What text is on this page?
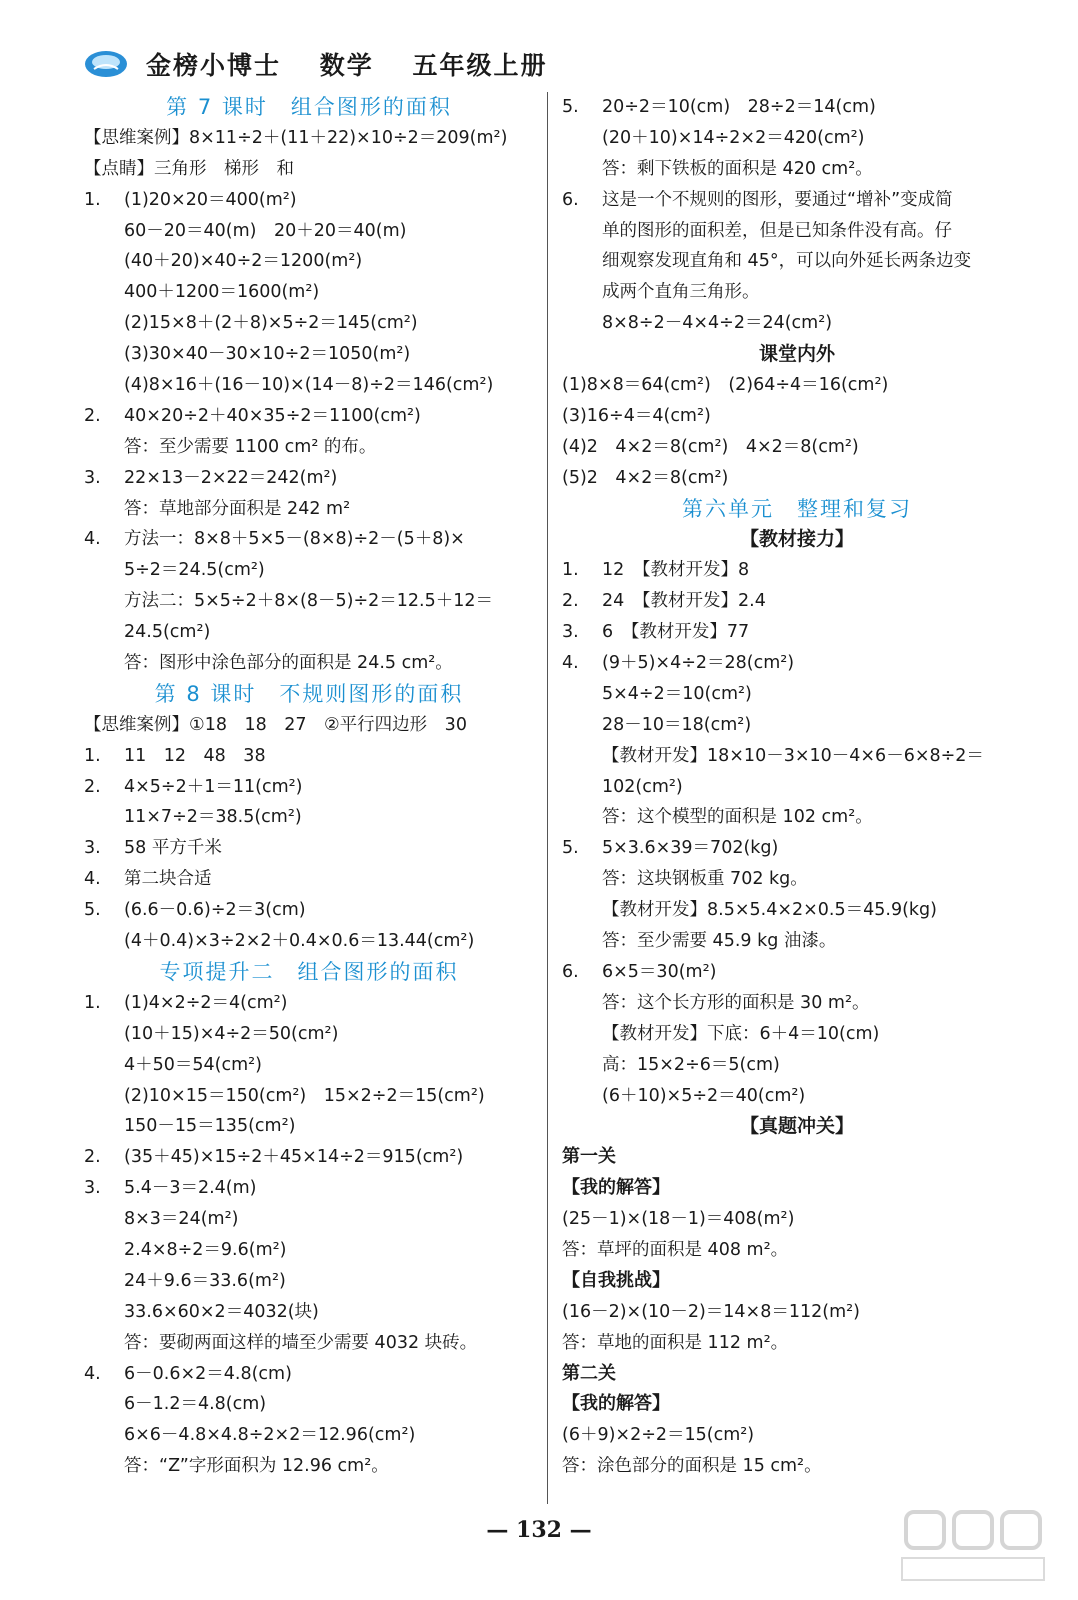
金榜小博士 数学 五年级上册
第 7 课时　组合图形的面积
【思维案例】8×11÷2＋(11＋22)×10÷2＝209(m²)
【点睛】三角形　梯形　和
1.	(1)20×20＝400(m²)
60－20＝40(m)　20＋20＝40(m)
(40＋20)×40÷2＝1200(m²)
400＋1200＝1600(m²)
(2)15×8＋(2＋8)×5÷2＝145(cm²)
(3)30×40－30×10÷2＝1050(m²)
(4)8×16＋(16－10)×(14－8)÷2＝146(cm²)
2.	40×20÷2＋40×35÷2＝1100(cm²)
答：至少需要 1100 cm² 的布。
3.	22×13－2×22＝242(m²)
答：草地部分面积是 242 m²
4.	方法一：8×8＋5×5－(8×8)÷2－(5＋8)×
5÷2＝24.5(cm²)
方法二：5×5÷2＋8×(8－5)÷2＝12.5＋12＝
24.5(cm²)
答：图形中涂色部分的面积是 24.5 cm²。
第 8 课时　不规则图形的面积
【思维案例】①18　18　27　②平行四边形　30
1.	11　12　48　38
2.	4×5÷2＋1＝11(cm²)
11×7÷2＝38.5(cm²)
3.	58 平方千米
4.	第二块合适
5.	(6.6－0.6)÷2＝3(cm)
(4＋0.4)×3÷2×2＋0.4×0.6＝13.44(cm²)
专项提升二　组合图形的面积
1.	(1)4×2÷2＝4(cm²)
(10＋15)×4÷2＝50(cm²)
4＋50＝54(cm²)
(2)10×15＝150(cm²)　15×2÷2＝15(cm²)
150－15＝135(cm²)
2.	(35＋45)×15÷2＋45×14÷2＝915(cm²)
3.	5.4－3＝2.4(m)
8×3＝24(m²)
2.4×8÷2＝9.6(m²)
24＋9.6＝33.6(m²)
33.6×60×2＝4032(块)
答：要砌两面这样的墙至少需要 4032 块砖。
4.	6－0.6×2＝4.8(cm)
6－1.2＝4.8(cm)
6×6－4.8×4.8÷2×2＝12.96(cm²)
答：“Z”字形面积为 12.96 cm²。
5.	20÷2＝10(cm)　28÷2＝14(cm)
(20＋10)×14÷2×2＝420(cm²)
答：剩下铁板的面积是 420 cm²。
6.	这是一个不规则的图形，要通过“增补”变成简
单的图形的面积差，但是已知条件没有高。仔
细观察发现直角和 45°，可以向外延长两条边变
成两个直角三角形。
8×8÷2－4×4÷2＝24(cm²)
课堂内外
(1)8×8＝64(cm²)　(2)64÷4＝16(cm²)
(3)16÷4＝4(cm²)
(4)2　4×2＝8(cm²)　4×2＝8(cm²)
(5)2　4×2＝8(cm²)
第六单元　整理和复习
【教材接力】
1.	12　【教材开发】8
2.	24　【教材开发】2.4
3.	6　【教材开发】77
4.	(9＋5)×4÷2＝28(cm²)
5×4÷2＝10(cm²)
28－10＝18(cm²)
【教材开发】18×10－3×10－4×6－6×8÷2＝
102(cm²)
答：这个模型的面积是 102 cm²。
5.	5×3.6×39＝702(kg)
答：这块钢板重 702 kg。
【教材开发】8.5×5.4×2×0.5＝45.9(kg)
答：至少需要 45.9 kg 油漆。
6.	6×5＝30(m²)
答：这个长方形的面积是 30 m²。
【教材开发】下底：6＋4＝10(cm)
高：15×2÷6＝5(cm)
(6＋10)×5÷2＝40(cm²)
【真题冲关】
第一关
【我的解答】
(25－1)×(18－1)＝408(m²)
答：草坪的面积是 408 m²。
【自我挑战】
(16－2)×(10－2)＝14×8＝112(m²)
答：草地的面积是 112 m²。
第二关
【我的解答】
(6＋9)×2÷2＝15(cm²)
答：涂色部分的面积是 15 cm²。
— 132 —
